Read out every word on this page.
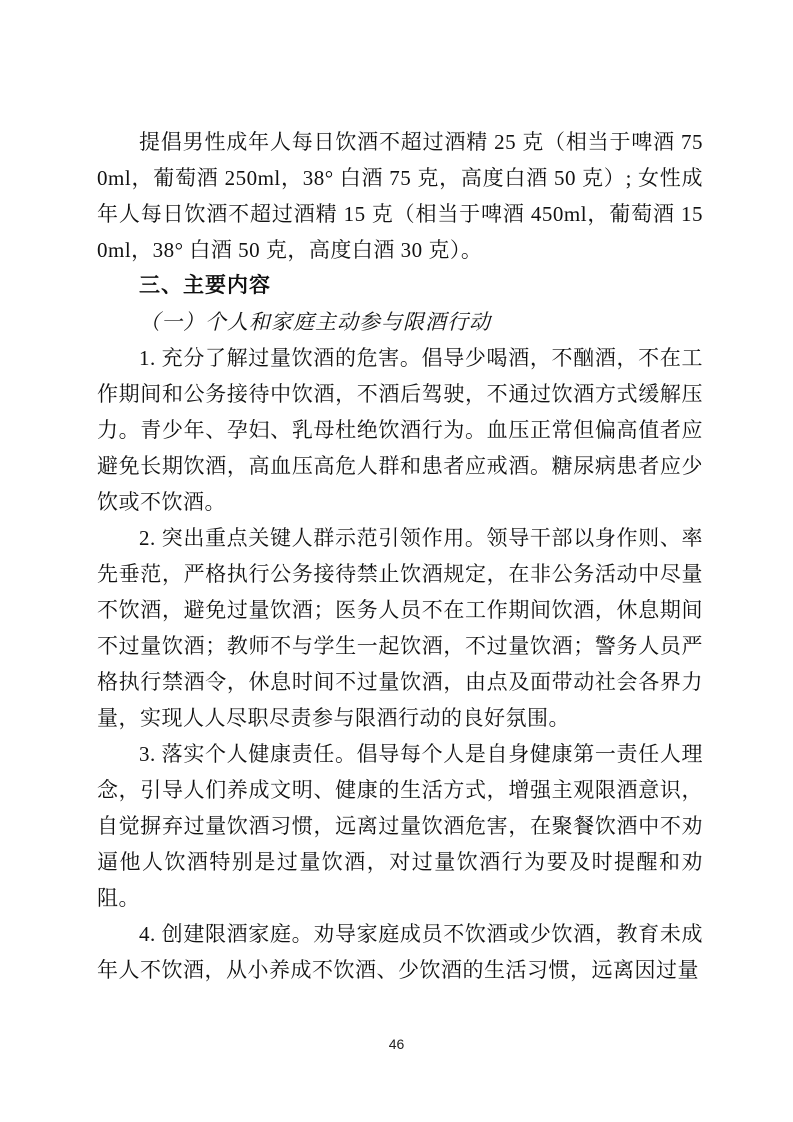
提倡男性成年人每日饮酒不超过酒精 25 克（相当于啤酒 750ml，葡萄酒 250ml，38° 白酒 75 克，高度白酒 50 克）; 女性成年人每日饮酒不超过酒精 15 克（相当于啤酒 450ml，葡萄酒 150ml，38° 白酒 50 克，高度白酒 30 克）。

三、主要内容

（一）个人和家庭主动参与限酒行动

1. 充分了解过量饮酒的危害。倡导少喝酒，不酗酒，不在工作期间和公务接待中饮酒，不酒后驾驶，不通过饮酒方式缓解压力。青少年、孕妇、乳母杜绝饮酒行为。血压正常但偏高值者应避免长期饮酒，高血压高危人群和患者应戒酒。糖尿病患者应少饮或不饮酒。

2. 突出重点关键人群示范引领作用。领导干部以身作则、率先垂范，严格执行公务接待禁止饮酒规定，在非公务活动中尽量不饮酒，避免过量饮酒；医务人员不在工作期间饮酒，休息期间不过量饮酒；教师不与学生一起饮酒，不过量饮酒；警务人员严格执行禁酒令，休息时间不过量饮酒，由点及面带动社会各界力量，实现人人尽职尽责参与限酒行动的良好氛围。

3. 落实个人健康责任。倡导每个人是自身健康第一责任人理念，引导人们养成文明、健康的生活方式，增强主观限酒意识，自觉摒弃过量饮酒习惯，远离过量饮酒危害，在聚餐饮酒中不劝逼他人饮酒特别是过量饮酒，对过量饮酒行为要及时提醒和劝阻。

4. 创建限酒家庭。劝导家庭成员不饮酒或少饮酒，教育未成年人不饮酒，从小养成不饮酒、少饮酒的生活习惯，远离因过量

46
